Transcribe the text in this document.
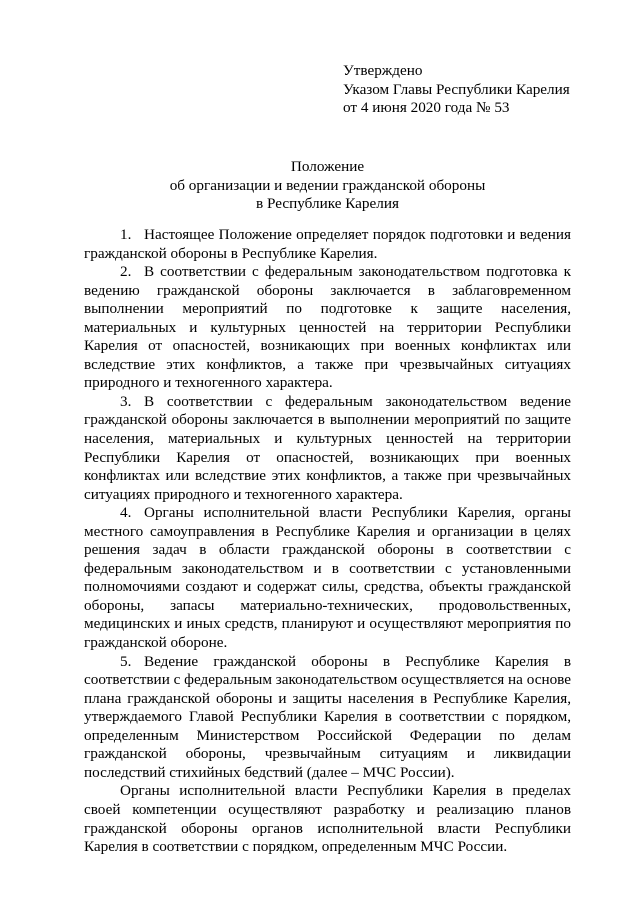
Утверждено
Указом Главы Республики Карелия
от 4 июня 2020 года № 53
Положение
об организации и ведении гражданской обороны
в Республике Карелия

1. Настоящее Положение определяет порядок подготовки и ведения гражданской обороны в Республике Карелия.

2. В соответствии с федеральным законодательством подготовка к ведению гражданской обороны заключается в заблаговременном выполнении мероприятий по подготовке к защите населения, материальных и культурных ценностей на территории Республики Карелия от опасностей, возникающих при военных конфликтах или вследствие этих конфликтов, а также при чрезвычайных ситуациях природного и техногенного характера.

3. В соответствии с федеральным законодательством ведение гражданской обороны заключается в выполнении мероприятий по защите населения, материальных и культурных ценностей на территории Республики Карелия от опасностей, возникающих при военных конфликтах или вследствие этих конфликтов, а также при чрезвычайных ситуациях природного и техногенного характера.

4. Органы исполнительной власти Республики Карелия, органы местного самоуправления в Республике Карелия и организации в целях решения задач в области гражданской обороны в соответствии с федеральным законодательством и в соответствии с установленными полномочиями создают и содержат силы, средства, объекты гражданской обороны, запасы материально-технических, продовольственных, медицинских и иных средств, планируют и осуществляют мероприятия по гражданской обороне.

5. Ведение гражданской обороны в Республике Карелия в соответствии с федеральным законодательством осуществляется на основе плана гражданской обороны и защиты населения в Республике Карелия, утверждаемого Главой Республики Карелия в соответствии с порядком, определенным Министерством Российской Федерации по делам гражданской обороны, чрезвычайным ситуациям и ликвидации последствий стихийных бедствий (далее – МЧС России).

Органы исполнительной власти Республики Карелия в пределах своей компетенции осуществляют разработку и реализацию планов гражданской обороны органов исполнительной власти Республики Карелия в соответствии с порядком, определенным МЧС России.
